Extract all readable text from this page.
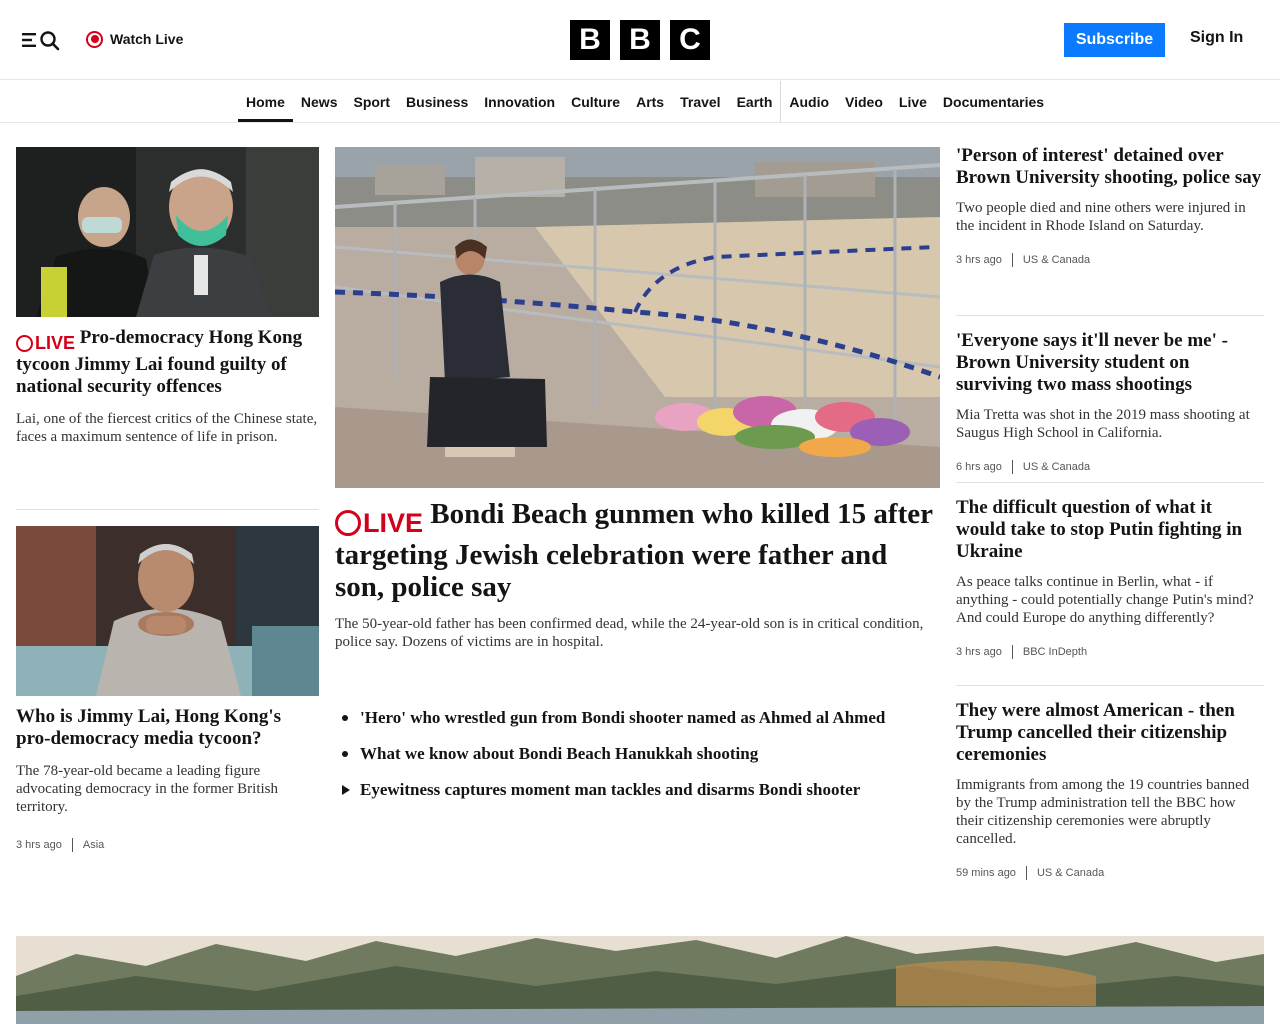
Watch Live	B B C	Subscribe	Sign In
Home	News	Sport	Business	Innovation	Culture	Arts	Travel	Earth	Audio	Video	Live	Documentaries
LIVE Pro-democracy Hong Kong tycoon Jimmy Lai found guilty of national security offences

Lai, one of the fiercest critics of the Chinese state, faces a maximum sentence of life in prison.

Who is Jimmy Lai, Hong Kong's pro-democracy media tycoon?

The 78-year-old became a leading figure advocating democracy in the former British territory.

3 hrs ago Asia
LIVE Bondi Beach gunmen who killed 15 after targeting Jewish celebration were father and son, police say

The 50-year-old father has been confirmed dead, while the 24-year-old son is in critical condition, police say. Dozens of victims are in hospital.

'Hero' who wrestled gun from Bondi shooter named as Ahmed al Ahmed
What we know about Bondi Beach Hanukkah shooting
Eyewitness captures moment man tackles and disarms Bondi shooter
'Person of interest' detained over Brown University shooting, police say

Two people died and nine others were injured in the incident in Rhode Island on Saturday.

3 hrs ago US & Canada
'Everyone says it'll never be me' - Brown University student on surviving two mass shootings

Mia Tretta was shot in the 2019 mass shooting at Saugus High School in California.

6 hrs ago US & Canada
The difficult question of what it would take to stop Putin fighting in Ukraine

As peace talks continue in Berlin, what - if anything - could potentially change Putin's mind? And could Europe do anything differently?

3 hrs ago BBC InDepth
They were almost American - then Trump cancelled their citizenship ceremonies

Immigrants from among the 19 countries banned by the Trump administration tell the BBC how their citizenship ceremonies were abruptly cancelled.

59 mins ago US & Canada
